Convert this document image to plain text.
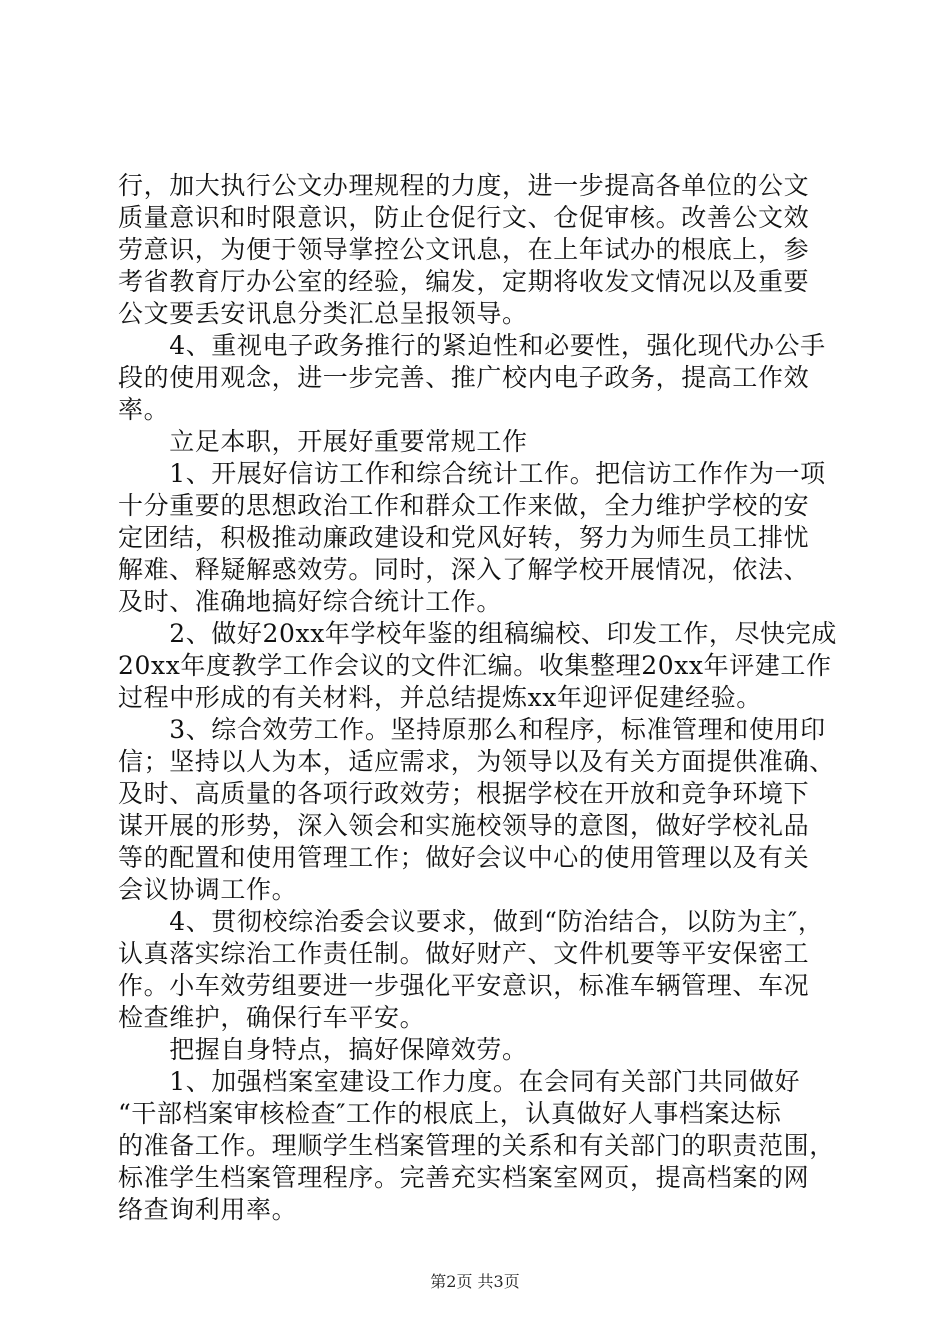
行，加大执行公文办理规程的力度，进一步提高各单位的公文
质量意识和时限意识，防止仓促行文、仓促审核。改善公文效
劳意识，为便于领导掌控公文讯息，在上年试办的根底上，参
考省教育厅办公室的经验，编发，定期将收发文情况以及重要
公文要丢安讯息分类汇总呈报领导。
　　4、重视电子政务推行的紧迫性和必要性，强化现代办公手
段的使用观念，进一步完善、推广校内电子政务，提高工作效
率。
　　立足本职，开展好重要常规工作
　　1、开展好信访工作和综合统计工作。把信访工作作为一项
十分重要的思想政治工作和群众工作来做，全力维护学校的安
定团结，积极推动廉政建设和党风好转，努力为师生员工排忧
解难、释疑解惑效劳。同时，深入了解学校开展情况，依法、
及时、准确地搞好综合统计工作。
　　2、做好20xx年学校年鉴的组稿编校、印发工作，尽快完成
20xx年度教学工作会议的文件汇编。收集整理20xx年评建工作
过程中形成的有关材料，并总结提炼xx年迎评促建经验。
　　3、综合效劳工作。坚持原那么和程序，标准管理和使用印
信；坚持以人为本，适应需求，为领导以及有关方面提供准确、
及时、高质量的各项行政效劳；根据学校在开放和竞争环境下
谋开展的形势，深入领会和实施校领导的意图，做好学校礼品
等的配置和使用管理工作；做好会议中心的使用管理以及有关
会议协调工作。
　　4、贯彻校综治委会议要求，做到“防治结合，以防为主″，
认真落实综治工作责任制。做好财产、文件机要等平安保密工
作。小车效劳组要进一步强化平安意识，标准车辆管理、车况
检查维护，确保行车平安。
　　把握自身特点，搞好保障效劳。
　　1、加强档案室建设工作力度。在会同有关部门共同做好
“干部档案审核检查″工作的根底上，认真做好人事档案达标
的准备工作。理顺学生档案管理的关系和有关部门的职责范围，
标准学生档案管理程序。完善充实档案室网页，提高档案的网
络查询利用率。
第2页 共3页
